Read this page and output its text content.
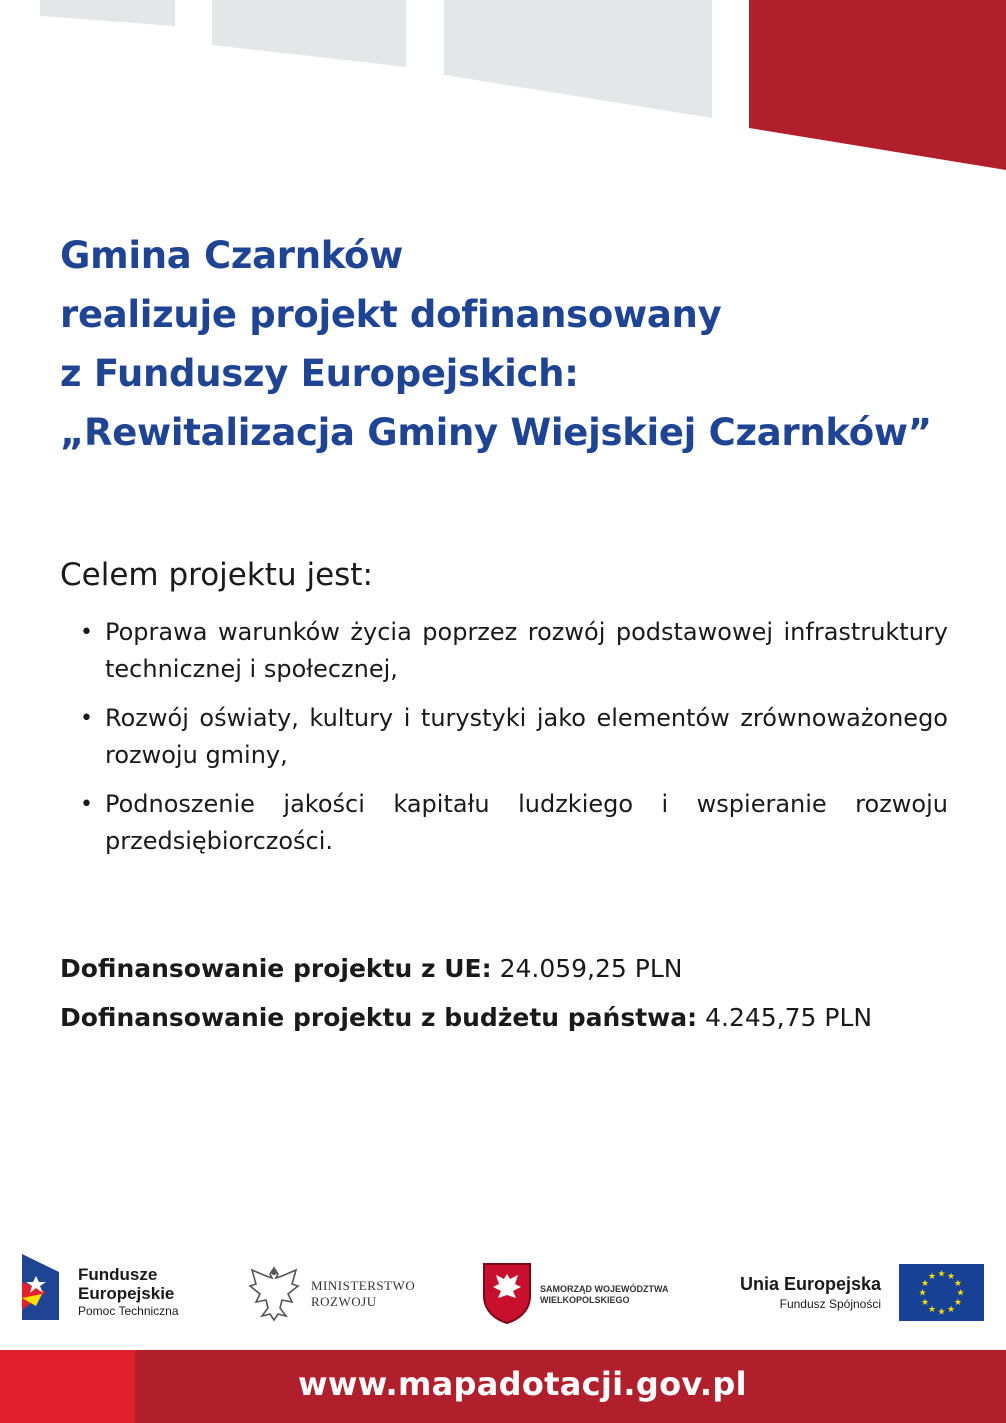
Gmina Czarnków
realizuje projekt dofinansowany
z Funduszy Europejskich:
„Rewitalizacja Gminy Wiejskiej Czarnków”
Celem projektu jest:
• Poprawa warunków życia poprzez rozwój podstawowej infrastruktury technicznej i społecznej,
• Rozwój oświaty, kultury i turystyki jako elementów zrównoważonego rozwoju gminy,
• Podnoszenie jakości kapitału ludzkiego i wspieranie rozwoju przedsiębiorczości.
Dofinansowanie projektu z UE: 24.059,25 PLN
Dofinansowanie projektu z budżetu państwa: 4.245,75 PLN
Fundusze
Europejskie
Pomoc Techniczna
MINISTERSTWO
ROZWOJU
SAMORZĄD WOJEWÓDZTWA
WIELKOPOLSKIEGO
Unia Europejska
Fundusz Spójności
★
★
★
★
★
★
★
★
★ ★ ★
★
www.mapadotacji.gov.pl
